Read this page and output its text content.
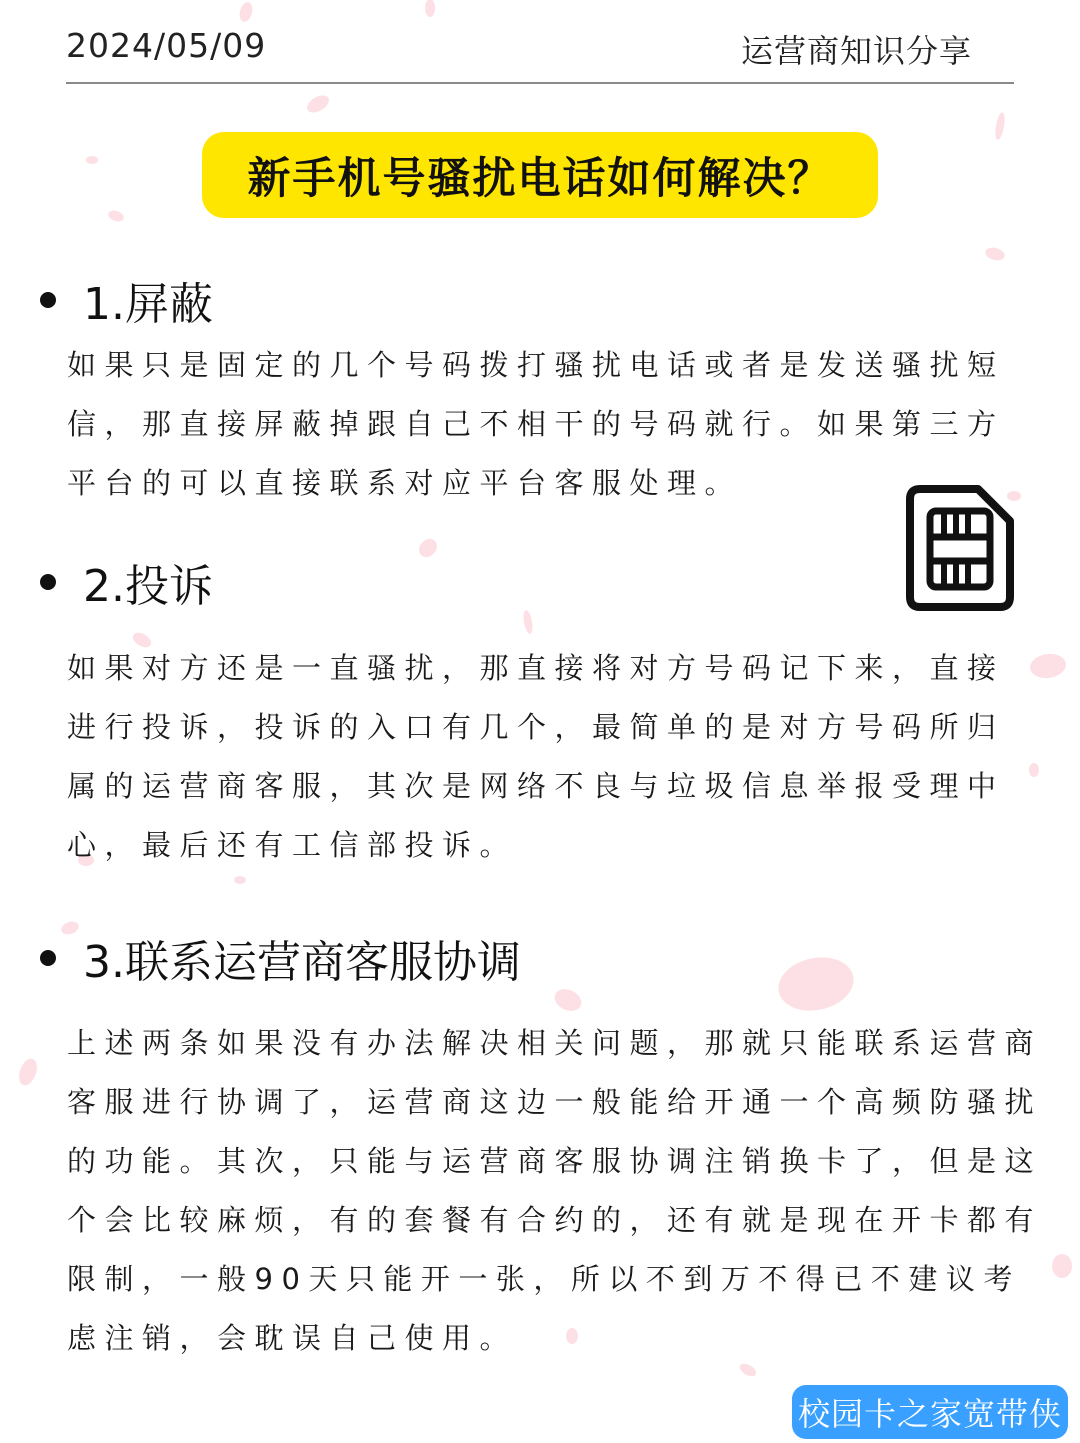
2024/05/09	运营商知识分享
新手机号骚扰电话如何解决？
1.屏蔽
如果只是固定的几个号码拨打骚扰电话或者是发送骚扰短
信，那直接屏蔽掉跟自己不相干的号码就行。如果第三方
平台的可以直接联系对应平台客服处理。
2.投诉
如果对方还是一直骚扰，那直接将对方号码记下来，直接
进行投诉，投诉的入口有几个，最简单的是对方号码所归
属的运营商客服，其次是网络不良与垃圾信息举报受理中
心，最后还有工信部投诉。
3.联系运营商客服协调
上述两条如果没有办法解决相关问题，那就只能联系运营商
客服进行协调了，运营商这边一般能给开通一个高频防骚扰
的功能。其次，只能与运营商客服协调注销换卡了，但是这
个会比较麻烦，有的套餐有合约的，还有就是现在开卡都有
限制，一般90天只能开一张，所以不到万不得已不建议考
虑注销，会耽误自己使用。
校园卡之家宽带侠
